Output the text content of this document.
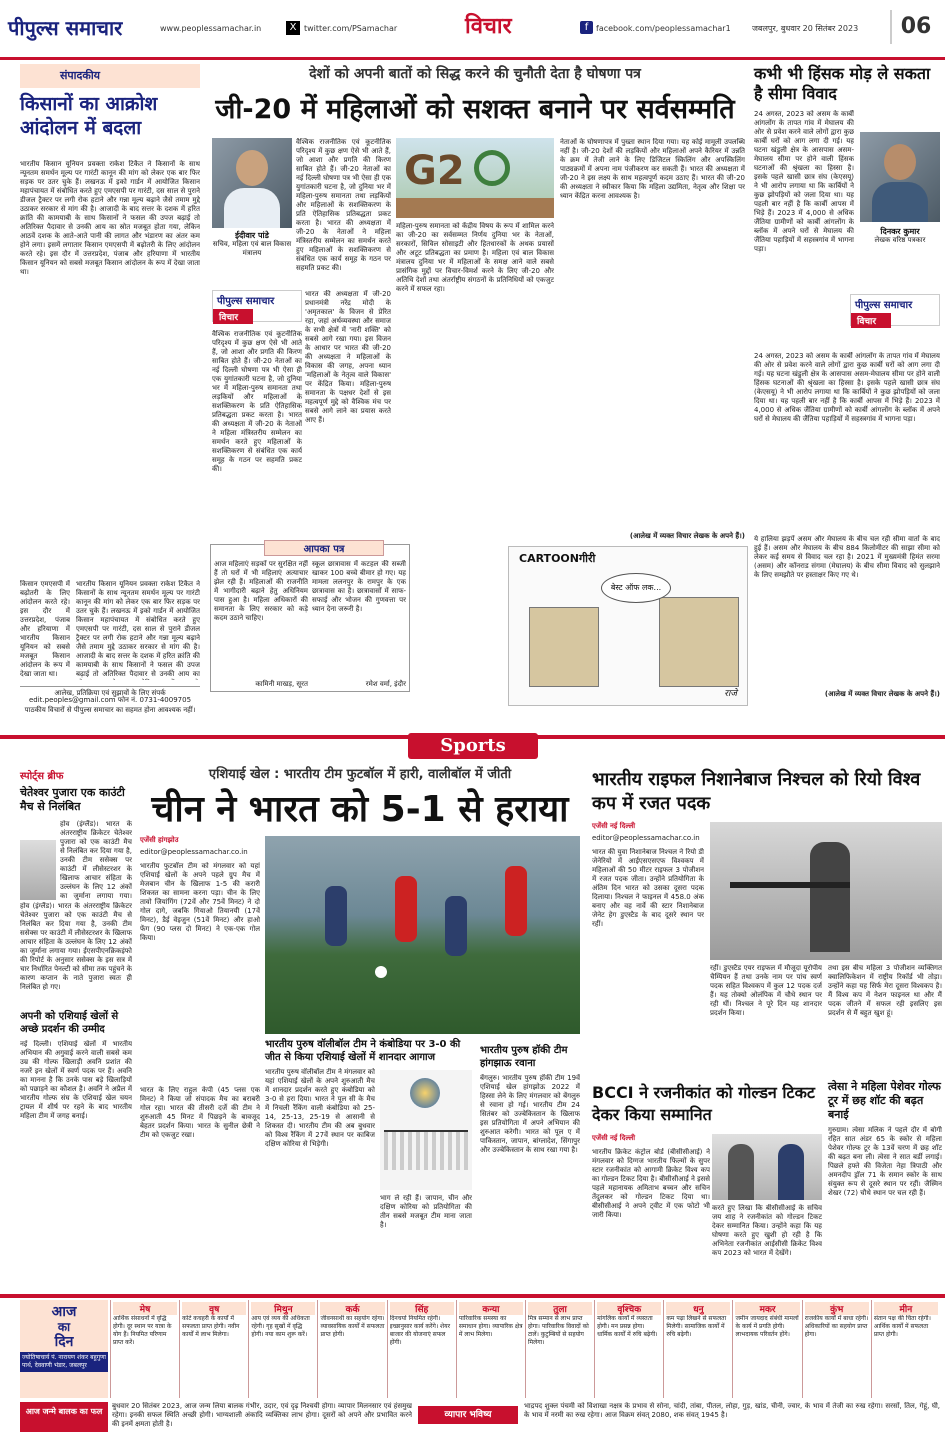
पीपुल्स समाचार	www.peoplessamachar.in	X twitter.com/PSamachar	विचार	f facebook.com/peoplessamachar1	जबलपुर, बुधवार 20 सितंबर 2023	06
संपादकीय
किसानों का आक्रोश आंदोलन में बदला
भारतीय किसान यूनियन प्रवक्ता राकेश टिकैत ने किसानों के साथ न्यूनतम समर्थन मूल्य पर गारंटी कानून की मांग को लेकर एक बार फिर सड़क पर उतर चुके हैं। लखनऊ में इको गार्डन में आयोजित किसान महापंचायत में संबोधित करते हुए एमएसपी पर गारंटी, दस साल से पुराने डीजल ट्रैक्टर पर लगी रोक हटाने और गन्ना मूल्य बढ़ाने जैसे तमाम मुद्दे उठाकर सरकार से मांग की है। आजादी के बाद सत्तर के दशक में हरित क्रांति की कामयाबी के साथ किसानों ने फसल की उपज बढ़ाई तो अतिरिक्त पैदावार से उनकी आय का स्रोत मजबूत होता गया, लेकिन आठवें दशक के आते-आते पानी की लागत और भंडारण का अंतर कम होने लगा। इसमें लगातार किसान एमएसपी में बढ़ोतरी के लिए आंदोलन करते रहे। इस दौर में उत्तरप्रदेश, पंजाब और हरियाणा में भारतीय किसान यूनियन को सबसे मजबूत किसान आंदोलन के रूप में देखा जाता था।
किसान एमएसपी में बढ़ोतरी के लिए आंदोलन करते रहे। इस दौर में उत्तरप्रदेश, पंजाब और हरियाणा में भारतीय किसान यूनियन को सबसे मजबूत किसान आंदोलन के रूप में देखा जाता था।
भारतीय किसान यूनियन प्रवक्ता राकेश टिकैत ने किसानों के साथ न्यूनतम समर्थन मूल्य पर गारंटी कानून की मांग को लेकर एक बार फिर सड़क पर उतर चुके हैं। लखनऊ में इको गार्डन में आयोजित किसान महापंचायत में संबोधित करते हुए एमएसपी पर गारंटी, दस साल से पुराने डीजल ट्रैक्टर पर लगी रोक हटाने और गन्ना मूल्य बढ़ाने जैसे तमाम मुद्दे उठाकर सरकार से मांग की है। आजादी के बाद सत्तर के दशक में हरित क्रांति की कामयाबी के साथ किसानों ने फसल की उपज बढ़ाई तो अतिरिक्त पैदावार से उनकी आय का
आलेख, प्रतिक्रिया एवं सुझावों के लिए संपर्क
edit.peoples@gmail.com फोन नं. 0731-4009705
पाठकीय विचारों से पीपुल्स समाचार का सहमत होना आवश्यक नहीं।
देशों को अपनी बातों को सिद्ध करने की चुनौती देता है घोषणा पत्र
जी-20 में महिलाओं को सशक्त बनाने पर सर्वसम्मति
ईदीवार पांडे
सचिव, महिला एवं बाल विकास मंत्रालय
पीपुल्स समाचार
विचार
वैश्विक राजनीतिक एवं कूटनीतिक परिदृश्य में कुछ क्षण ऐसे भी आते हैं, जो आशा और प्रगति की किरण साबित होते हैं। जी-20 नेताओं का नई दिल्ली घोषणा पत्र भी ऐसा ही एक युगांतकारी घटना है, जो दुनिया भर में महिला-पुरुष समानता तथा लड़कियों और महिलाओं के सशक्तिकरण के प्रति ऐतिहासिक प्रतिबद्धता प्रकट करता है। भारत की अध्यक्षता में जी-20 के नेताओं ने महिला मंत्रिस्तरीय सम्मेलन का समर्थन करते हुए महिलाओं के सशक्तिकरण से संबंधित एक कार्य समूह के गठन पर सहमति प्रकट की।
भारत की अध्यक्षता में जी-20 प्रधानमंत्री नरेंद्र मोदी के 'अमृतकाल' के विजन से प्रेरित रहा, जहां अर्थव्यवस्था और समाज के सभी क्षेत्रों में 'नारी शक्ति' को सबसे आगे रखा गया। इस विजन के आधार पर भारत की जी-20 की अध्यक्षता ने महिलाओं के विकास की जगह, अपना ध्यान 'महिलाओं के नेतृत्व वाले विकास' पर केंद्रित किया। महिला-पुरुष समानता के पक्षधर देशों से इस महत्वपूर्ण मुद्दे को वैश्विक मंच पर सबसे आगे लाने का प्रयास करते आए हैं।
वैश्विक राजनीतिक एवं कूटनीतिक परिदृश्य में कुछ क्षण ऐसे भी आते हैं, जो आशा और प्रगति की किरण साबित होते हैं। जी-20 नेताओं का नई दिल्ली घोषणा पत्र भी ऐसा ही एक युगांतकारी घटना है, जो दुनिया भर में महिला-पुरुष समानता तथा लड़कियों और महिलाओं के सशक्तिकरण के प्रति ऐतिहासिक प्रतिबद्धता प्रकट करता है। भारत की अध्यक्षता में जी-20 के नेताओं ने महिला मंत्रिस्तरीय सम्मेलन का समर्थन करते हुए महिलाओं के सशक्तिकरण से संबंधित एक कार्य समूह के गठन पर सहमति प्रकट की।
G2
महिला-पुरुष समानता को केंद्रीय विषय के रूप में शामिल करने का जी-20 का सर्वसम्मत निर्णय दुनिया भर के नेताओं, सरकारों, सिविल सोसाइटी और हितधारकों के अथक प्रयासों और अटूट प्रतिबद्धता का प्रमाण है। महिला एवं बाल विकास मंत्रालय दुनिया भर में महिलाओं के समक्ष आने वाले सबसे प्रासंगिक मुद्दों पर विचार-विमर्श करने के लिए जी-20 और अतिथि देशों तथा अंतर्राष्ट्रीय संगठनों के प्रतिनिधियों को एकजुट करने में सफल रहा।
नेताओं के घोषणापत्र में पुख्ता स्थान दिया गया। यह कोई मामूली उपलब्धि नहीं है। जी-20 देशों की लड़कियों और महिलाओं अपने कैरियर में उन्नति के क्रम में तेजी लाने के लिए डिजिटल स्किलिंग और अपस्किलिंग पाठ्यक्रमों में अपना नाम पंजीकरण कर सकती हैं। भारत की अध्यक्षता में जी-20 ने इस लक्ष्य के साथ महत्वपूर्ण कदम उठाए हैं। भारत की जी-20 की अध्यक्षता ने स्वीकार किया कि महिला उद्यमिता, नेतृत्व और शिक्षा पर ध्यान केंद्रित करना आवश्यक है।
(आलेख में व्यक्त विचार लेखक के अपने हैं।)
आपका पत्र
आज महिलाएं सड़कों पर सुरक्षित नहीं हैं तो घरों में भी महिलाएं अत्याचार झेल रही हैं। महिलाओं की राजनीति में भागीदारी बढ़ाने हेतु अधिनियम पास हुआ है। महिला अधिकारों की समानता के लिए सरकार को कड़े कदम उठाने चाहिए।
कामिनी माखड़, सूरत
स्कूल छात्रावास में कटहल की सब्जी खाकर 100 बच्चे बीमार हो गए। यह मामला ललनपुर के रामपुर के एक छात्रावास का है। छात्रावासों में साफ-सफाई और भोजन की गुणवत्ता पर ध्यान देना जरूरी है।
रमेश वर्मा, इंदौर
CARTOONगीरी
बेस्ट ऑफ लक...
राजे
कभी भी हिंसक मोड़ ले सकता है सीमा विवाद
24 अगस्त, 2023 को असम के कार्बी आंगलोंग के तापत गांव में मेघालय की ओर से प्रवेश करने वाले लोगों द्वारा कुछ कार्बी घरों को आग लगा दी गई। यह घटना खंडुली क्षेत्र के आसपास असम-मेघालय सीमा पर होने वाली हिंसक घटनाओं की श्रृंखला का हिस्सा है। इसके पहले खासी छात्र संघ (केएसयू) ने भी आरोप लगाया था कि कार्बियों ने कुछ झोपड़ियों को जला दिया था। यह पहली बार नहीं है कि कार्बी आपस में भिड़े हैं। 2023 में 4,000 से अधिक जैंतिया ग्रामीणों को कार्बी आंगलोंग के ब्लॉक में अपने घरों से मेघालय की जैंतिया पहाड़ियों में सहस्त्रगांव में भागना पड़ा।
दिनकर कुमार
लेखक वरिष्ठ पत्रकार
पीपुल्स समाचार
विचार
24 अगस्त, 2023 को असम के कार्बी आंगलोंग के तापत गांव में मेघालय की ओर से प्रवेश करने वाले लोगों द्वारा कुछ कार्बी घरों को आग लगा दी गई। यह घटना खंडुली क्षेत्र के आसपास असम-मेघालय सीमा पर होने वाली हिंसक घटनाओं की श्रृंखला का हिस्सा है। इसके पहले खासी छात्र संघ (केएसयू) ने भी आरोप लगाया था कि कार्बियों ने कुछ झोपड़ियों को जला दिया था। यह पहली बार नहीं है कि कार्बी आपस में भिड़े हैं। 2023 में 4,000 से अधिक जैंतिया ग्रामीणों को कार्बी आंगलोंग के ब्लॉक में अपने घरों से मेघालय की जैंतिया पहाड़ियों में सहस्त्रगांव में भागना पड़ा।
ये हालिया झड़पें असम और मेघालय के बीच चल रही सीमा वार्ता के बाद हुई हैं। असम और मेघालय के बीच 884 किलोमीटर की साझा सीमा को लेकर कई समय से विवाद चल रहा है। 2021 में मुख्यमंत्री हिमंत सरमा (असम) और कॉनराड संगमा (मेघालय) के बीच सीमा विवाद को सुलझाने के लिए समझौते पर हस्ताक्षर किए गए थे।
(आलेख में व्यक्त विचार लेखक के अपने हैं।)
Sports
स्पोर्ट्स ब्रीफ
चेतेश्वर पुजारा एक काउंटी मैच से निलंबित
होव (इंग्लैंड)। भारत के अंतरराष्ट्रीय क्रिकेटर चेतेश्वर पुजारा को एक काउंटी मैच से निलंबित कर दिया गया है, उनकी टीम ससेक्स पर काउंटी में लीसेस्टरशर के खिलाफ आचार संहिता के उल्लंघन के लिए 12 अंकों का जुर्माना लगाया गया।
होव (इंग्लैंड)। भारत के अंतरराष्ट्रीय क्रिकेटर चेतेश्वर पुजारा को एक काउंटी मैच से निलंबित कर दिया गया है, उनकी टीम ससेक्स पर काउंटी में लीसेस्टरशर के खिलाफ आचार संहिता के उल्लंघन के लिए 12 अंकों का जुर्माना लगाया गया। ईएसपीएनक्रिकइंफो की रिपोर्ट के अनुसार ससेक्स के इस सत्र में चार निर्धारित पेनल्टी को सीमा तक पहुंचने के कारण कप्तान के नाते पुजारा स्वतः ही निलंबित हो गए।
अपनी को एशियाई खेलों से अच्छे प्रदर्शन की उम्मीद
नई दिल्ली। एशियाई खेलों में भारतीय अभियान की अगुवाई करने वाली सबसे कम उम्र की गोल्फ खिलाड़ी अवनि प्रशांत की नजरें इन खेलों में स्वर्ण पदक पर हैं। अवनि का मानना है कि उनके पास बड़े खिलाड़ियों को पछाड़ने का कौशल है। अवनि ने अप्रैल में भारतीय गोल्फ संघ के एशियाई खेल चयन ट्रायल में शीर्ष पर रहने के बाद भारतीय महिला टीम में जगह बनाई।
एशियाई खेल : भारतीय टीम फुटबॉल में हारी, वालीबॉल में जीती
चीन ने भारत को 5-1 से हराया
एजेंसी हांगझोउ
editor@peoplessamachar.co.in
भारतीय फुटबॉल टीम को मंगलवार को यहां एशियाई खेलों के अपने पहले ग्रुप मैच में मेजबान चीन के खिलाफ 1-5 की करारी शिकस्त का सामना करना पड़ा। चीन के लिए तावो जियांगिंग (72वें और 75वें मिनट) ने दो गोल दागे, जबकि गियाओ तियानयी (17वें मिनट), डैई वेइजुन (51वें मिनट) और हाओ फेंग (90 प्लस दो मिनट) ने एक-एक गोल किया।
भारत के लिए राहुल केपी (45 प्लस एक मिनट) ने किया जो संपादक मैच का बराबरी गोल रहा। भारत की तीसरी दर्जे की टीम ने शुरुआती 45 मिनट में पिछड़ने के बावजूद बेहतर प्रदर्शन किया। भारत के सुनील छेत्री ने टीम को एकजुट रखा।
भारतीय पुरुष वॉलीबॉल टीम ने कंबोडिया पर 3-0 की जीत से किया एशियाई खेलों में शानदार आगाज
भारतीय पुरुष वॉलीबॉल टीम ने मंगलवार को यहां एशियाई खेलों के अपने शुरुआती मैच में शानदार प्रदर्शन करते हुए कंबोडिया को 3-0 से हरा दिया। भारत ने पूल सी के मैच में निचली रैंकिंग वाली कंबोडिया को 25-14, 25-13, 25-19 से आसानी से शिकस्त दी। भारतीय टीम की अब बुधवार को विश्व रैंकिंग में 27वें स्थान पर काबिज दक्षिण कोरिया से भिड़ेगी।
भाग ले रही हैं। जापान, चीन और दक्षिण कोरिया को प्रतियोगिता की तीन सबसे मजबूत टीम माना जाता है।
भारतीय पुरुष हॉकी टीम हांगझाऊ रवाना
बेंगलुरु। भारतीय पुरुष हॉकी टीम 19वें एशियाई खेल हांगझोऊ 2022 में हिस्सा लेने के लिए मंगलवार को बेंगलुरु से रवाना हो गई। भारतीय टीम 24 सितंबर को उज्बेकिस्तान के खिलाफ इस प्रतियोगिता में अपने अभियान की शुरुआत करेगी। भारत को पूल ए में पाकिस्तान, जापान, बांग्लादेश, सिंगापुर और उज्बेकिस्तान के साथ रखा गया है।
भारतीय राइफल निशानेबाज निश्चल को रियो विश्व कप में रजत पदक
एजेंसी नई दिल्ली
editor@peoplessamachar.co.in
भारत की युवा निशानेबाज निश्चल ने रियो डी जेनेरियो में आईएसएसएफ विश्वकप में महिलाओं की 50 मीटर राइफल 3 पोजीशन में रजत पदक जीता। उन्होंने प्रतियोगिता के अंतिम दिन भारत को उसका दूसरा पदक दिलाया। निश्चल ने फाइनल में 458.0 अंक बनाए और वह नार्वे की स्टार निशानेबाज जेनेट हेग डुएस्टैड के बाद दूसरे स्थान पर रहीं।
रहीं। डुएस्टैड एयर राइफल में मौजूदा यूरोपीय चैम्पियन हैं तथा उनके नाम पर पांच स्वर्ण पदक सहित विश्वकप में कुल 12 पदक दर्ज हैं। यह तोक्यो ओलंपिक में चौथे स्थान पर रही थीं। निश्चल ने पूरे दिन यह शानदार प्रदर्शन किया।
तथा इस बीच महिला 3 पोजीशन व्यक्तिगत क्वालिफिकेशन में राष्ट्रीय रिकॉर्ड भी तोड़ा। उन्होंने कहा यह सिर्फ मेरा दूसरा विश्वकप है। मैं विश्व कप में नेशन फाइनल था और मैं पदक जीतने में सफल रही इसलिए इस प्रदर्शन से मैं बहुत खुश हूं।
BCCI ने रजनीकांत को गोल्डन टिकट देकर किया सम्मानित
एजेंसी नई दिल्ली
भारतीय क्रिकेट कंट्रोल बोर्ड (बीसीसीआई) ने मंगलवार को दिग्गज भारतीय फिल्मों के सुपर स्टार रजनीकांत को आगामी क्रिकेट विश्व कप का गोल्डन टिकट दिया है। बीसीसीआई ने इससे पहले महानायक अमिताभ बच्चन और सचिन तेंदुलकर को गोल्डन टिकट दिया था। बीसीसीआई ने अपने ट्वीट में एक फोटो भी जारी किया।
करते हुए लिखा कि बीसीसीआई के सचिव जय शाह ने रजनीकांत को गोल्डन टिकट देकर सम्मानित किया। उन्होंने कहा कि यह घोषणा करते हुए खुशी हो रही है कि अभिनेता रजनीकांत आईसीसी क्रिकेट विश्व कप 2023 को भारत में देखेंगे।
त्वेसा ने महिला पेशेवर गोल्फ टूर में छह शॉट की बढ़त बनाई
गुरुग्राम। त्वेसा मलिक ने पहले दौर में बोगी रहित सात अंडर 65 के स्कोर से महिला पेशेवर गोल्फ टूर के 13वें चरण में छह शॉट की बढ़त बना ली। त्वेसा ने सात बर्डी लगाई। पिछले हफ्ते की विजेता नेहा त्रिपाठी और अमनदीप ड्रॉल 71 के समान स्कोर के साथ संयुक्त रूप से दूसरे स्थान पर रहीं। जैस्मिन शेखर (72) चौथे स्थान पर चल रही हैं।
आज
का
दिन
ज्योतिषाचार्य पं. नारायण शंकर बहुगुणा पार्थ, देववाणी भंडार, जबलपुर
मेष
आर्थिक संसाधनों में वृद्धि होगी। दूर स्थान पर यात्रा के योग हैं। नियमित परिणाम प्राप्त करें।
वृष
कोर्ट कचहरी के कार्यों में सफलता प्राप्त होगी। नवीन कार्यों में लाभ मिलेगा।
मिथुन
आय एवं व्यय की अधिकता रहेगी। गृह सुखों में वृद्धि होगी। नया काम शुरू करें।
कर्क
जीवनसाथी का सहयोग रहेगा। व्यावसायिक कार्यों में सफलता प्राप्त होगी।
सिंह
दिनचर्या नियमित रहेगी। इच्छानुसार कार्य करेंगे। शेयर बाजार की योजनाएं सफल होंगी।
कन्या
पारिवारिक समस्या का समाधान होगा। व्यापारिक क्षेत्र में लाभ मिलेगा।
तुला
मित्र सम्मान से लाभ प्राप्त होगा। पारिवारिक विवादों को टालें। कुटुम्बियों से सहयोग मिलेगा।
वृश्चिक
मांगलिक कार्यों में व्यस्तता होगी। मन प्रसन्न होगा। धार्मिक कार्यों में रुचि बढ़ेगी।
धनु
कम पढ़ा लिखने से सफलता मिलेगी। सामाजिक कार्यों में रुचि बढ़ेगी।
मकर
जमीन जायदाद संबंधी मामलों के कार्य में प्रगति होगी। लाभदायक परिवर्तन होंगे।
कुंभ
राजकीय कार्यों में बाधा रहेगी। अधिकारियों का सहयोग प्राप्त होगा।
मीन
संतान पक्ष की चिंता रहेगी। आर्थिक कार्यों में सफलता प्राप्त होगी।
आज जन्मे बालक का फल
बुधवार 20 सितंबर 2023, आज जन्म लिया बालक गंभीर, उदार, एवं दृढ़ निश्चयी होगा। व्यापार मिलनसार एवं हंसमुख रहेगा। इनकी सफल स्थिति अच्छी होगी। भाग्यशाली अंकादि व्यक्तिका लाभ होगा। दूसरों को अपने और प्रभावित करने की इनमें क्षमता होती है।
व्यापार भविष्य
भाद्रपद शुक्ल पंचमी को विशाखा नक्षत्र के प्रभाव से सोना, चांदी, तांबा, पीतल, लोहा, गुड़, खांड, चीनी, ज्वार, के भाव में तेजी का रुख रहेगा। सरसों, तिल, गेहूं, घी, के भाव में नरमी का रुख रहेगा। आज विक्रम संवत् 2080, शक संवत् 1945 है।
